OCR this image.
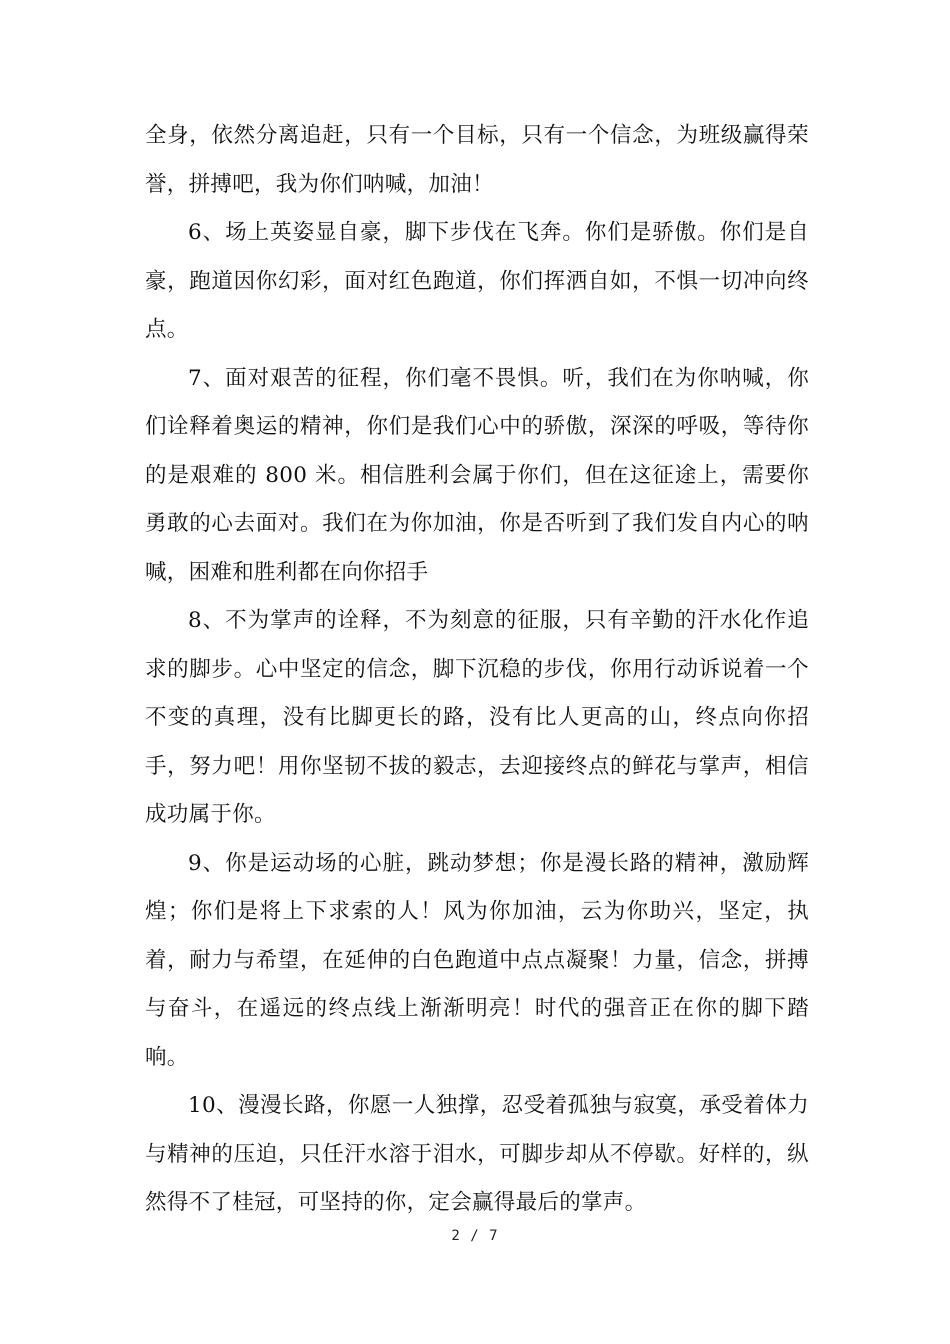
全身，依然分离追赶，只有一个目标，只有一个信念，为班级赢得荣誉，拼搏吧，我为你们呐喊，加油！

6、场上英姿显自豪，脚下步伐在飞奔。你们是骄傲。你们是自豪，跑道因你幻彩，面对红色跑道，你们挥洒自如，不惧一切冲向终点。

7、面对艰苦的征程，你们毫不畏惧。听，我们在为你呐喊，你们诠释着奥运的精神，你们是我们心中的骄傲，深深的呼吸，等待你的是艰难的 800 米。相信胜利会属于你们，但在这征途上，需要你勇敢的心去面对。我们在为你加油，你是否听到了我们发自内心的呐喊，困难和胜利都在向你招手

8、不为掌声的诠释，不为刻意的征服，只有辛勤的汗水化作追求的脚步。心中坚定的信念，脚下沉稳的步伐，你用行动诉说着一个不变的真理，没有比脚更长的路，没有比人更高的山，终点向你招手，努力吧！用你坚韧不拔的毅志，去迎接终点的鲜花与掌声，相信成功属于你。

9、你是运动场的心脏，跳动梦想；你是漫长路的精神，激励辉煌；你们是将上下求索的人！风为你加油，云为你助兴，坚定，执着，耐力与希望，在延伸的白色跑道中点点凝聚！力量，信念，拼搏与奋斗，在遥远的终点线上渐渐明亮！时代的强音正在你的脚下踏响。

10、漫漫长路，你愿一人独撑，忍受着孤独与寂寞，承受着体力与精神的压迫，只任汗水溶于泪水，可脚步却从不停歇。好样的，纵然得不了桂冠，可坚持的你，定会赢得最后的掌声。

2 / 7
